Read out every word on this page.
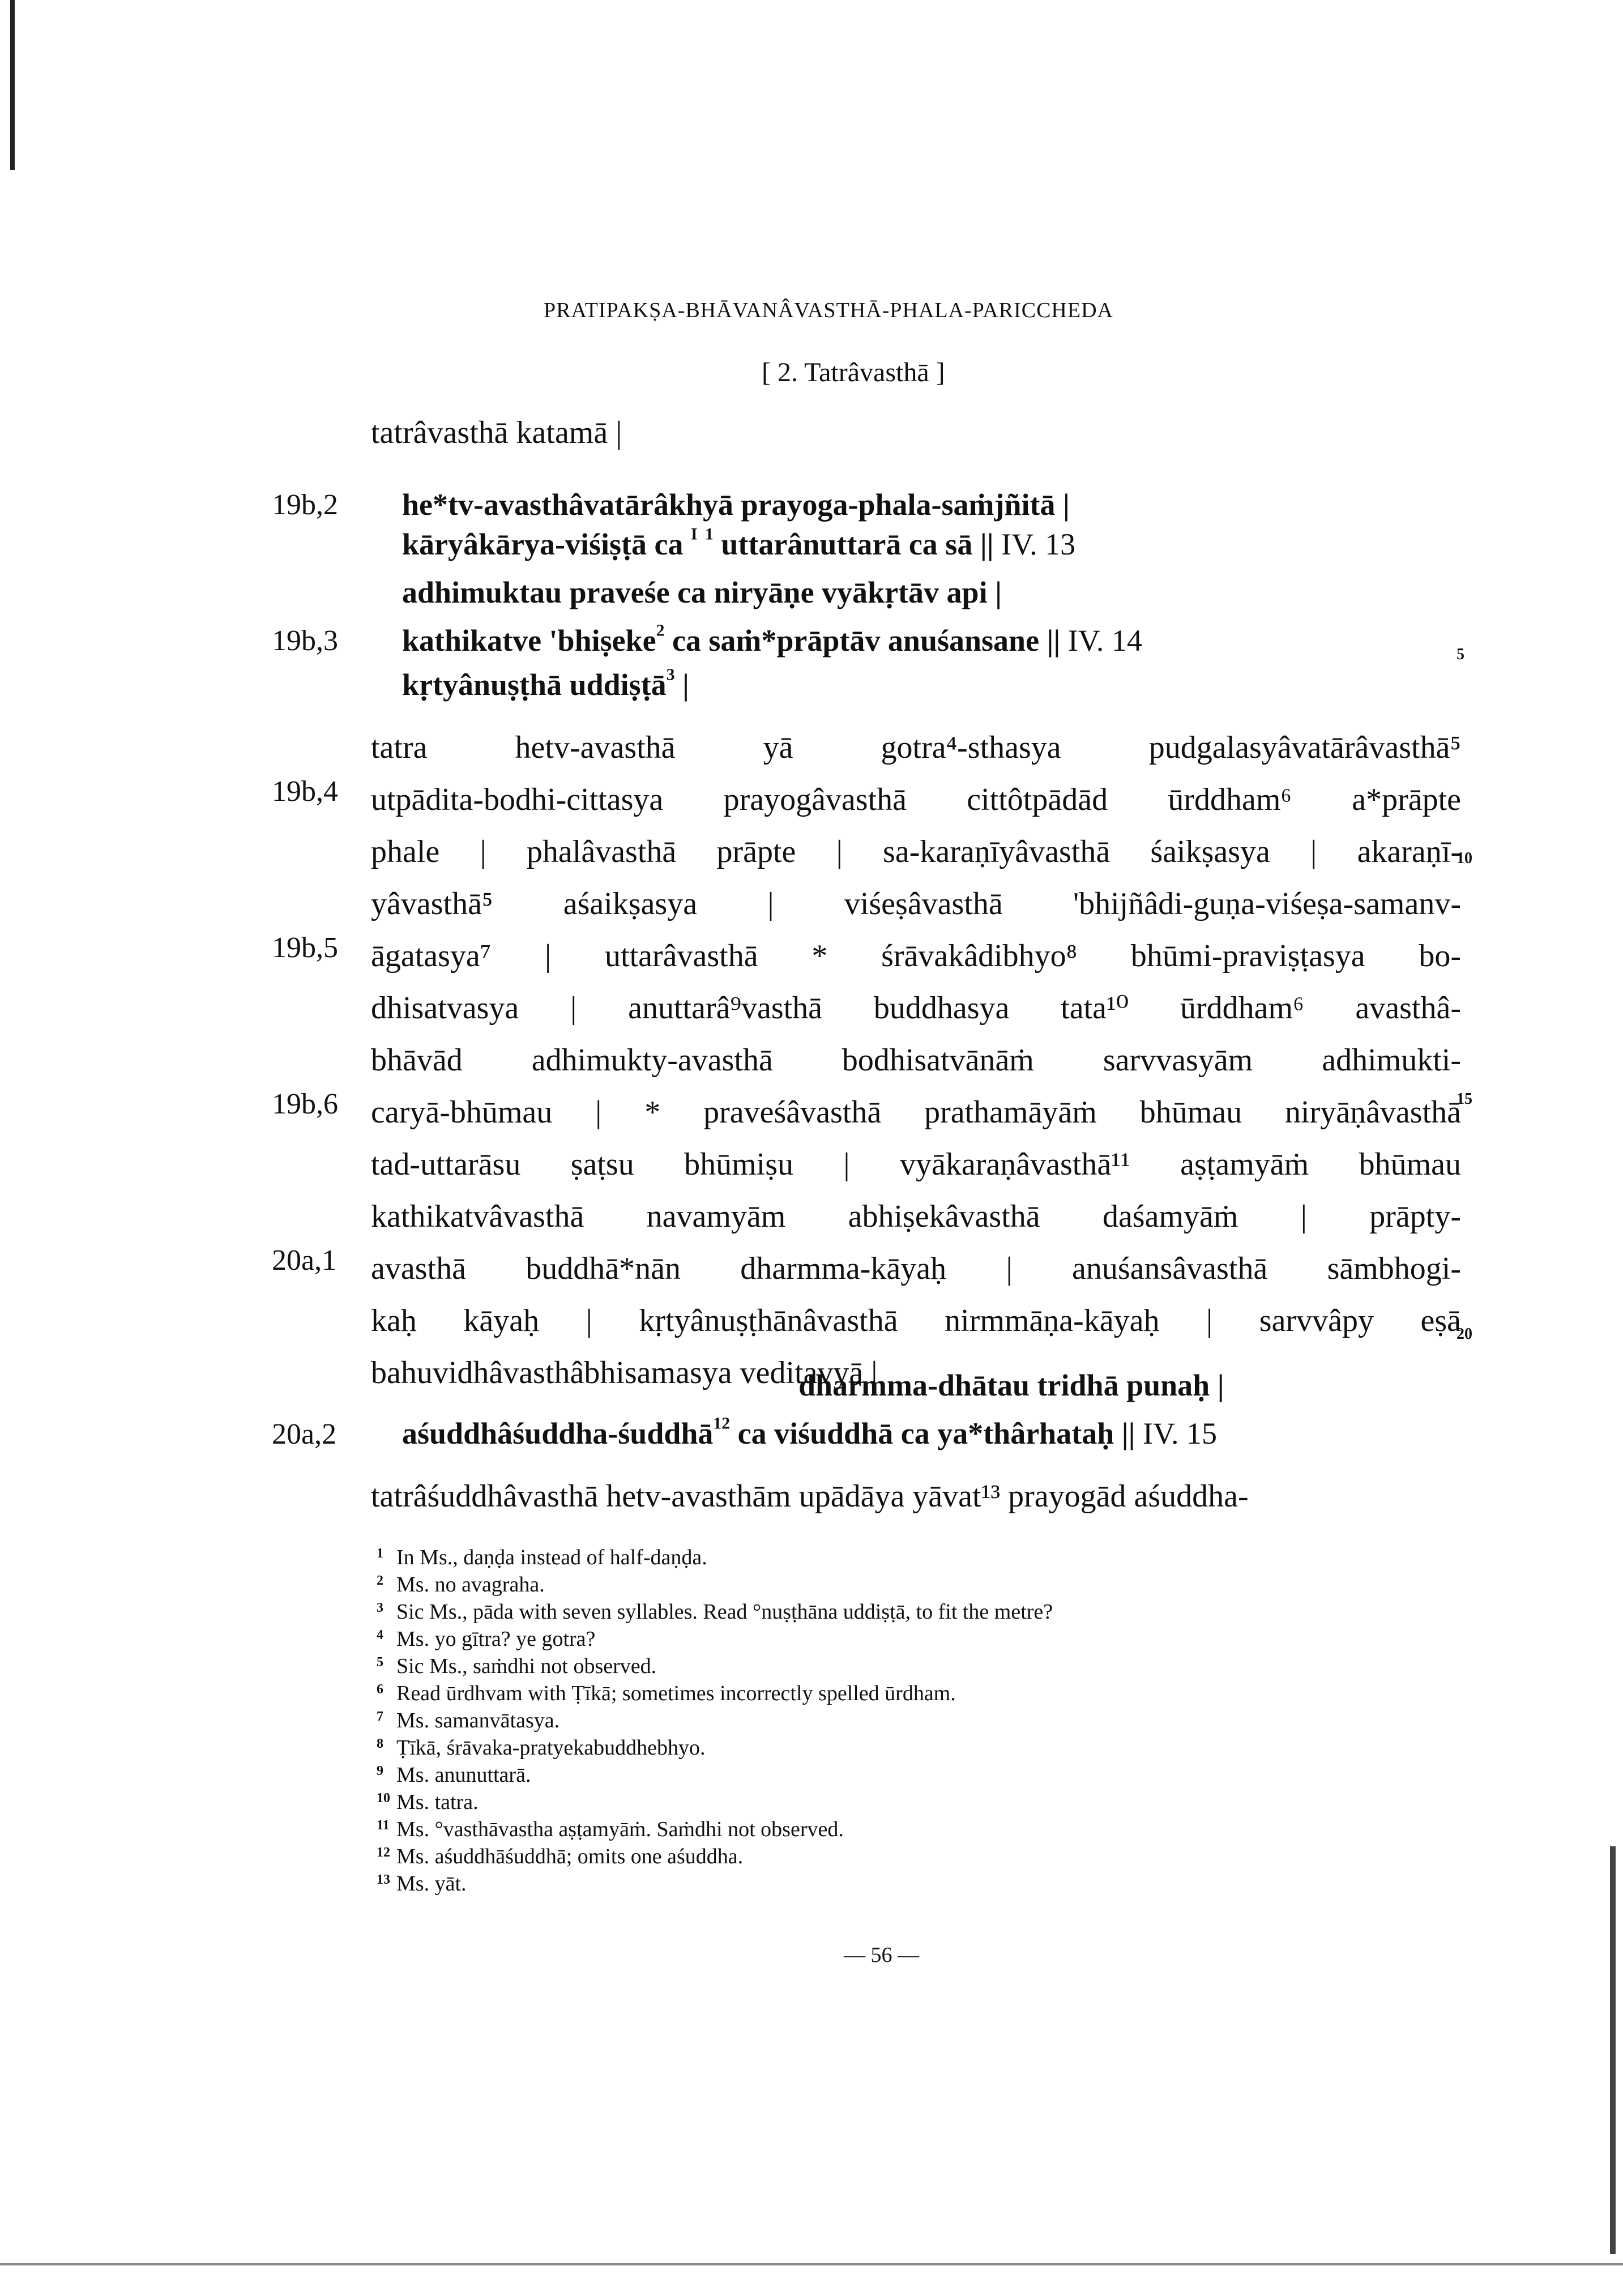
PRATIPAKṢA-BHĀVANÂVASTHĀ-PHALA-PARICCHEDA
[ 2. Tatrâvasthā ]
tatrâvasthā katamā |
19b,2 he*tv-avasthâvatārâkhyā prayoga-phala-saṁjñitā |
kāryâkārya-viśiṣṭā ca $^I$ $^1$ uttarânuttarā ca sā || IV. 13
adhimuktau praveśe ca niryāṇe vyākṛtāv api |
19b,3 kathikatve 'bhiṣeke$^2$ ca saṁ*prāptāv anuśansane || IV. 14
kṛtyânuṣṭhā uddiṣṭā$^3$ |
tatra hetv-avasthā yā gotra⁴-sthasya pudgalasyâvatārâvasthā⁵
utpādita-bodhi-cittasya prayogâvasthā cittôtpādād ūrddham⁶ a*prāpte
phale | phalâvasthā prāpte | sa-karaṇīyâvasthā śaikṣasya | akaraṇī-
yâvasthā⁵ aśaikṣasya | viśeṣâvasthā 'bhijñâdi-guṇa-viśeṣa-samanv-
āgatasya⁷ | uttarâvasthā * śrāvakâdibhyo⁸ bhūmi-praviṣṭasya bo-
dhisatvasya | anuttarâ⁹vasthā buddhasya tata¹⁰ ūrddham⁶ avasthâ-
bhāvād adhimukty-avasthā bodhisatvānāṁ sarvvasyām adhimukti-
caryā-bhūmau | * praveśâvasthā prathamāyāṁ bhūmau niryāṇâvasthā
tad-uttarāsu ṣaṭsu bhūmiṣu | vyākaraṇâvasthā¹¹ aṣṭamyāṁ bhūmau
kathikatvâvasthā navamyām abhiṣekâvasthā daśamyāṁ | prāpty-
avasthā buddhā*nān dharmma-kāyaḥ | anuśansâvasthā sāmbhogi-
kaḥ kāyaḥ | kṛtyânuṣṭhānâvasthā nirmmāṇa-kāyaḥ | sarvvâpy eṣā
bahuvidhâvasthâbhisamasya veditavyā |
19b,4
19b,5
19b,6
20a,1
5
10
15
20
dharmma-dhātau tridhā punaḥ |
20a,2 aśuddhâśuddha-śuddhā$^{12}$ ca viśuddhā ca ya*thârhataḥ || IV. 15
tatrâśuddhâvasthā hetv-avasthām upādāya yāvat¹³ prayogād aśuddha-
1 In Ms., daṇḍa instead of half-daṇḍa.
2 Ms. no avagraha.
3 Sic Ms., pāda with seven syllables. Read °nuṣṭhāna uddiṣṭā, to fit the metre?
4 Ms. yo gītra? ye gotra?
5 Sic Ms., saṁdhi not observed.
6 Read ūrdhvam with Ṭīkā; sometimes incorrectly spelled ūrdham.
7 Ms. samanvātasya.
8 Ṭīkā, śrāvaka-pratyekabuddhebhyo.
9 Ms. anunuttarā.
10 Ms. tatra.
11 Ms. °vasthāvastha aṣṭamyāṁ. Saṁdhi not observed.
12 Ms. aśuddhāśuddhā; omits one aśuddha.
13 Ms. yāt.
— 56 —
